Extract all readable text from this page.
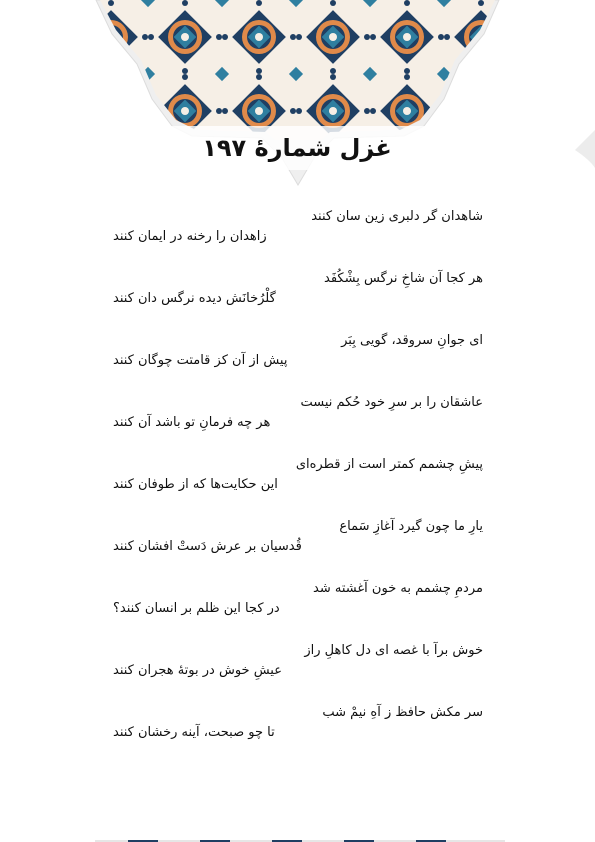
غزل شمارهٔ ۱۹۷
شاهدان گر دلبری زین سان کنند
زاهدان را رخنه در ایمان کنند
هر کجا آن شاخِ نرگس بِشْکُفَد
گلْرُخانَش دیده نرگس دان کنند
ای جوانِ سروقد، گویی بِبَر
پیش از آن کز قامتت چوگان کنند
عاشقان را بر سرِ خود حُکم نیست
هر چه فرمانِ تو باشد آن کنند
پیشِ چشمم کمتر است از قطره‌ای
این حکایت‌ها که از طوفان کنند
یارِ ما چون گیرد آغازِ سَماع
قُدسیان بر عرش دَستْ افشان کنند
مردمِ چشمم به خون آغشته شد
در کجا این ظلم بر انسان کنند؟
خوش برآ با غصه ای دل کاهلِ راز
عیشِ خوش در بوتهٔ هجران کنند
سر مکش حافظ ز آهِ نیمْ شب
تا چو صبحت، آینه رخشان کنند
